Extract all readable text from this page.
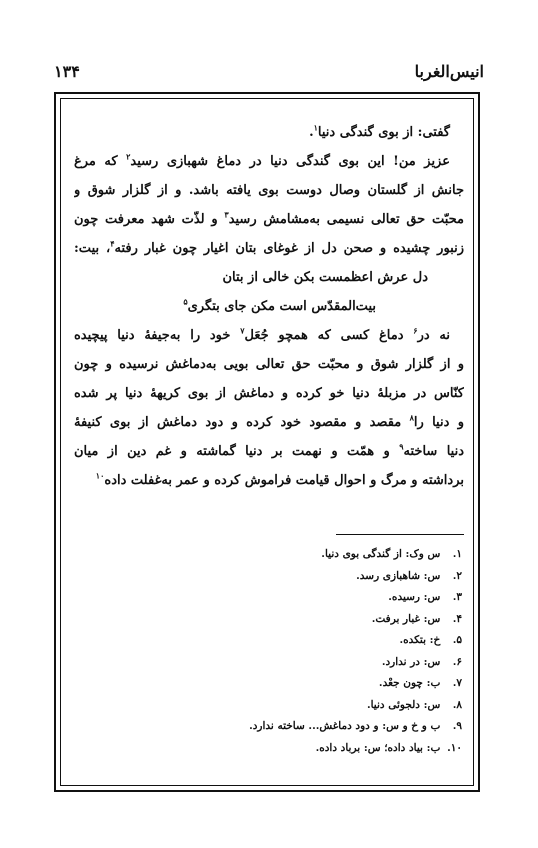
انیس‌الغربا
۱۳۴
گفتی: از بوی گندگی دنیا$^۱$.
عزیز من! این بوی گندگی دنیا در دماغ شهبازی رسید$^۲$ که مرغ
جانش از گلستان وصال دوست بوی یافته باشد. و از گلزار شوق و
محبّت حق تعالی نسیمی به‌مشامش رسید$^۳$ و لذّت شهد معرفت چون
زنبور چشیده و صحن دل از غوغای بتان اغیار چون غبار رفته$^۴$، بیت:
دل عرش اعظمست بکن خالی از بتان
بیت‌المقدّس است مکن جای بتگری$^۵$
نه در$^۶$ دماغ کسی که همچو جُعَل$^۷$ خود را به‌جیفهٔ دنیا پیچیده
و از گلزار شوق و محبّت حق تعالی بویی به‌دماغش نرسیده و چون
کنّاس در مزبلهٔ دنیا خو کرده و دماغش از بوی کریههٔ دنیا پر شده
و دنیا را$^۸$ مقصد و مقصود خود کرده و دود دماغش از بوی کنیفهٔ
دنیا ساخته$^۹$ و همّت و نهمت بر دنیا گماشته و غم دین از میان
برداشته و مرگ و احوال قیامت فراموش کرده و عمر به‌غفلت داده$^{۱۰}$
۱. س و‌ک: از گندگی بوی دنیا.
۲. س: شاهبازی رسد.
۳. س: رسیده.
۴. س: غبار برفت.
۵. خ: بتکده.
۶. س: در ندارد.
۷. ب: چون جعْد.
۸. س: دلجوئی دنیا.
۹. ب و خ و س: و دود دماغش... ساخته ندارد.
۱۰. ب: بیاد داده؛ س: برباد داده.
